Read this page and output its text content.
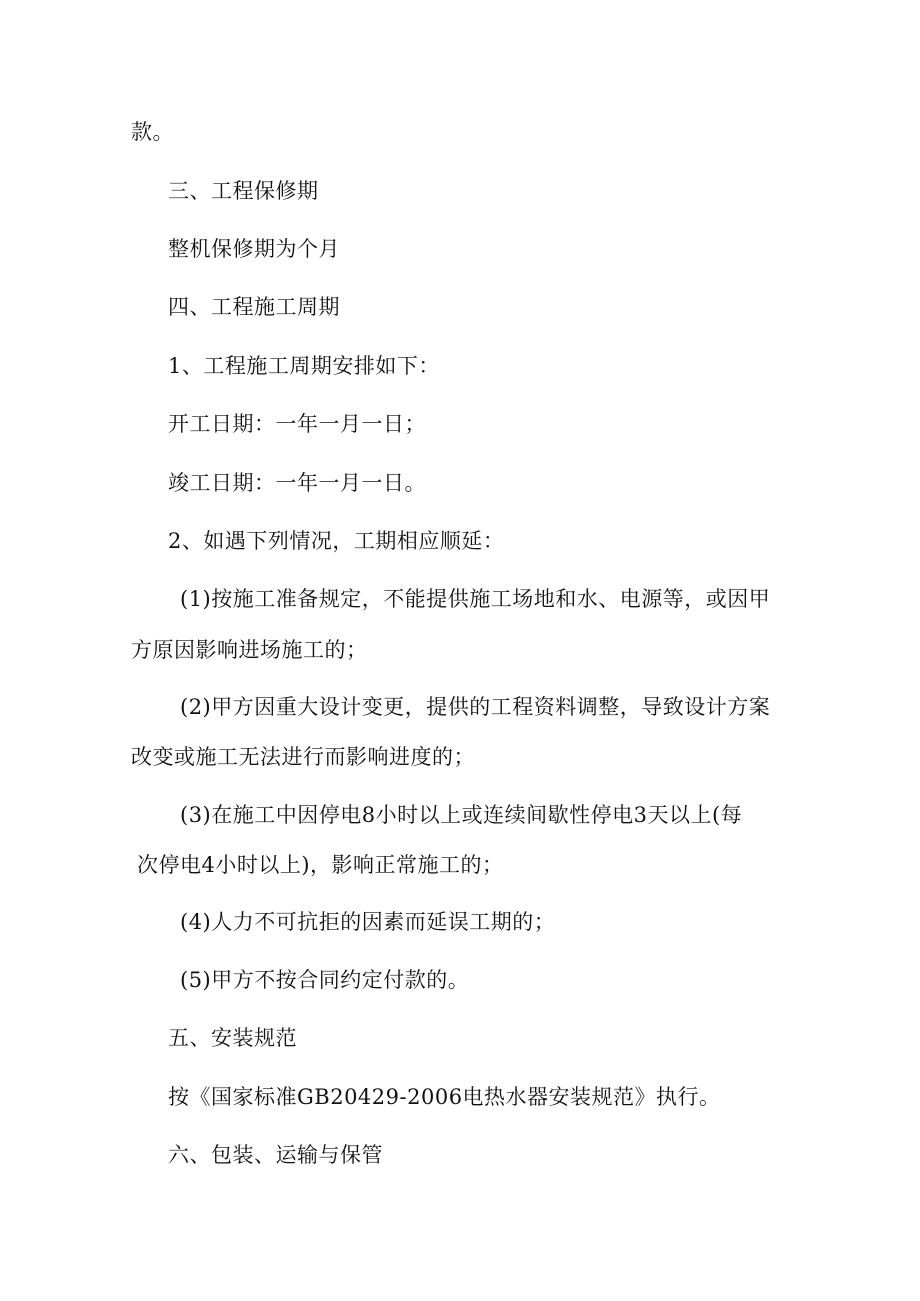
款。
三、工程保修期
整机保修期为个月
四、工程施工周期
1、工程施工周期安排如下：
开工日期：一年一月一日；
竣工日期：一年一月一日。
2、如遇下列情况，工期相应顺延：
(1)按施工准备规定，不能提供施工场地和水、电源等，或因甲
方原因影响进场施工的；
(2)甲方因重大设计变更，提供的工程资料调整，导致设计方案
改变或施工无法进行而影响进度的；
(3)在施工中因停电8小时以上或连续间歇性停电3天以上(每
次停电4小时以上)，影响正常施工的；
(4)人力不可抗拒的因素而延误工期的；
(5)甲方不按合同约定付款的。
五、安装规范
按《国家标准GB20429-2006电热水器安装规范》执行。
六、包装、运输与保管
